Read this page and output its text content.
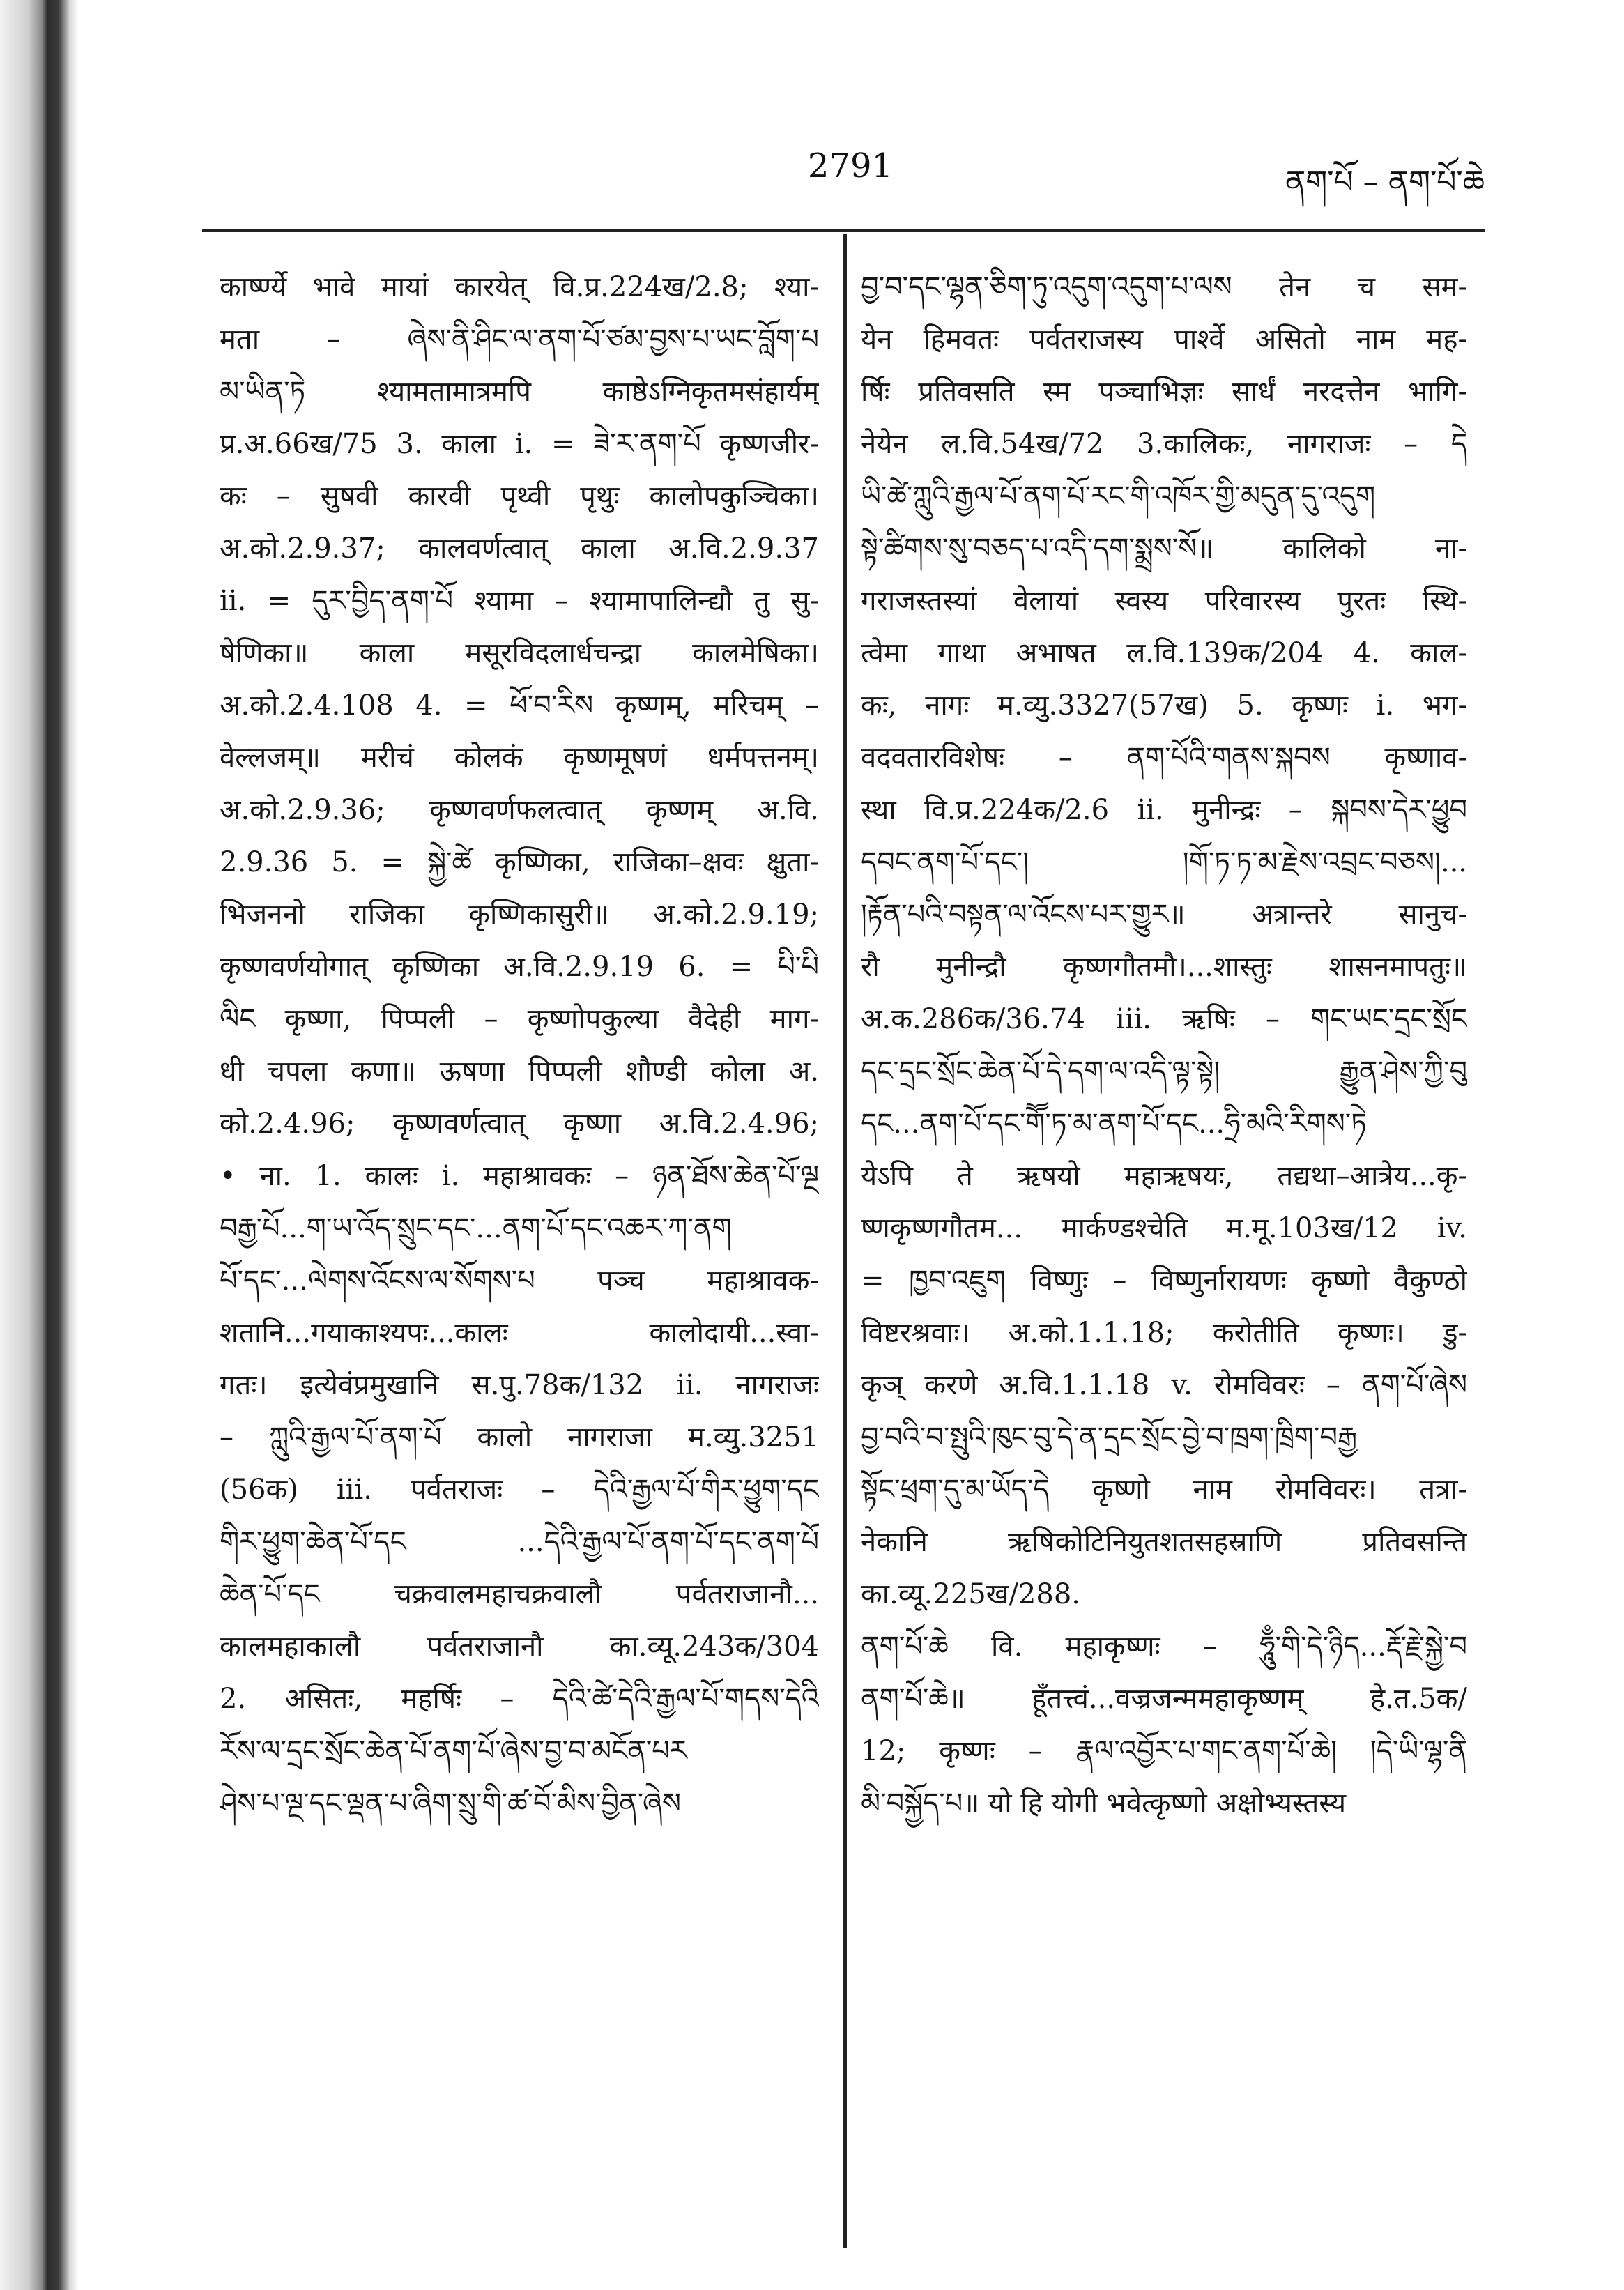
2791	ནག་པོ – ནག་པོ་ཆེ
कार्ष्ण्ये भावे मायां कारयेत् वि.प्र.224ख/2.8; श्या-
मता – ཞེས་ནི་ཤིང་ལ་ནག་པོ་ཙམ་བྱས་པ་ཡང་བློག་པ
མ་ཡིན་ཏེ श्यामतामात्रमपि काष्ठेऽग्निकृतमसंहार्यम्
प्र.अ.66ख/75 3. काला i. = ཟེ་ར་ནག་པོ कृष्णजीर-
कः – सुषवी कारवी पृथ्वी पृथुः कालोपकुञ्चिका।
अ.को.2.9.37; कालवर्णत्वात् काला अ.वि.2.9.37
ii. = དུར་བྱིད་ནག་པོ श्यामा – श्यामापालिन्द्यौ तु सु-
षेणिका॥ काला मसूरविदलार्धचन्द्रा कालमेषिका।
अ.को.2.4.108 4. = ཕོ་བ་རིས कृष्णम्, मरिचम् –
वेल्लजम्॥ मरीचं कोलकं कृष्णमूषणं धर्मपत्तनम्।
अ.को.2.9.36; कृष्णवर्णफलत्वात् कृष्णम् अ.वि.
2.9.36 5. = སྐྱེ་ཚེ कृष्णिका, राजिका–क्षवः क्षुता-
भिजननो राजिका कृष्णिकासुरी॥ अ.को.2.9.19;
कृष्णवर्णयोगात् कृष्णिका अ.वि.2.9.19 6. = པི་པི
ལིང कृष्णा, पिप्पली – कृष्णोपकुल्या वैदेही माग-
धी चपला कणा॥ ऊषणा पिप्पली शौण्डी कोला अ.
को.2.4.96; कृष्णवर्णत्वात् कृष्णा अ.वि.2.4.96;
• ना. 1. कालः i. महाश्रावकः – ཉན་ཐོས་ཆེན་པོ་ལྔ
བརྒྱ་པོ...ག་ཡ་འོད་སྲུང་དང་...ནག་པོ་དང་འཆར་ཀ་ནག
པོ་དང་...ལེགས་འོངས་ལ་སོགས་པ पञ्च महाश्रावक-
शतानि...गयाकाश्यपः...कालः कालोदायी...स्वा-
गतः। इत्येवंप्रमुखानि स.पु.78क/132 ii. नागराजः
– ཀླུའི་རྒྱལ་པོ་ནག་པོ कालो नागराजा म.व्यु.3251
(56क) iii. पर्वतराजः – དེའི་རྒྱལ་པོ་གིར་ཕྱུག་དང
གིར་ཕྱུག་ཆེན་པོ་དང ...དེའི་རྒྱལ་པོ་ནག་པོ་དང་ནག་པོ
ཆེན་པོ་དང चक्रवालमहाचक्रवालौ पर्वतराजानौ...
कालमहाकालौ पर्वतराजानौ का.व्यू.243क/304
2. असितः, महर्षिः – དེའི་ཚེ་དེའི་རྒྱལ་པོ་གདས་དེའི
རོས་ལ་དྲང་སྲོང་ཆེན་པོ་ནག་པོ་ཞེས་བྱ་བ་མངོན་པར
ཤེས་པ་ལྔ་དང་ལྡན་པ་ཞིག་སྲུ་གི་ཚ་བོ་མིས་བྱིན་ཞེས
བྱ་བ་དང་ལྷན་ཅིག་ཏུ་འདུག་འདུག་པ་ལས तेन च सम-
येन हिमवतः पर्वतराजस्य पार्श्वे असितो नाम मह-
र्षिः प्रतिवसति स्म पञ्चाभिज्ञः सार्धं नरदत्तेन भागि-
नेयेन ल.वि.54ख/72 3.कालिकः, नागराजः – དེ
ཡི་ཚེ་ཀླུའི་རྒྱལ་པོ་ནག་པོ་རང་གི་འཁོར་གྱི་མདུན་དུ་འདུག
སྟེ་ཚིགས་སུ་བཅད་པ་འདི་དག་སྨྲས་སོ॥ कालिको ना-
गराजस्तस्यां वेलायां स्वस्य परिवारस्य पुरतः स्थि-
त्वेमा गाथा अभाषत ल.वि.139क/204 4. काल-
कः, नागः म.व्यु.3327(57ख) 5. कृष्णः i. भग-
वदवतारविशेषः – ནག་པོའི་གནས་སྐབས कृष्णाव-
स्था वि.प्र.224क/2.6 ii. मुनीन्द्रः – སྐབས་དེར་ཕྱུབ
དབང་ནག་པོ་དང་། །གོ་ཏ་ཏ་མ་རྗེས་འབྲང་བཅས།...
།རྟོན་པའི་བསྟན་ལ་འོངས་པར་གྱུར॥ अत्रान्तरे सानुच-
रौ मुनीन्द्रौ कृष्णगौतमौ।...शास्तुः शासनमापतुः॥
अ.क.286क/36.74 iii. ऋषिः – གང་ཡང་དྲང་སྲོང
དང་དྲང་སྲོང་ཆེན་པོ་དེ་དག་ལ་འདི་ལྟ་སྟེ། རྒྱུན་ཤེས་ཀྱི་བུ
དང...ནག་པོ་དང་གཽ་ཏ་མ་ནག་པོ་དང...ཧྲི་མའི་རིགས་ཏེ
येऽपि ते ऋषयो महाऋषयः, तद्यथा–आत्रेय...कृ-
ष्णकृष्णगौतम... मार्कण्डश्चेति म.मू.103ख/12 iv.
= ཁྱབ་འཇུག विष्णुः – विष्णुर्नारायणः कृष्णो वैकुण्ठो
विष्टरश्रवाः। अ.को.1.1.18; करोतीति कृष्णः। डु-
कृञ् करणे अ.वि.1.1.18 v. रोमविवरः – ནག་པོ་ཞེས
བྱ་བའི་བ་སྤུའི་ཁུང་བུ་དེ་ན་དྲང་སྲོང་བྱེ་བ་ཁྲག་ཁྲིག་བརྒྱ
སྟོང་ཕྲག་དུ་མ་ཡོད་དེ कृष्णो नाम रोमविवरः। तत्रा-
नेकानि ऋषिकोटिनियुतशतसहस्राणि प्रतिवसन्ति
का.व्यू.225ख/288.
ནག་པོ་ཆེ वि. महाकृष्णः – ཧཱུྃ་གི་དེ་ཉིད...རྡོ་རྗེ་སྐྱེ་བ
ནག་པོ་ཆེ॥ हूँतत्त्वं...वज्रजन्ममहाकृष्णम् हे.त.5क/
12; कृष्णः – རྣལ་འབྱོར་པ་གང་ནག་པོ་ཆེ། །དེ་ཡི་ལྷ་ནི
མི་བསྐྱོད་པ॥ यो हि योगी भवेत्कृष्णो अक्षोभ्यस्तस्य
